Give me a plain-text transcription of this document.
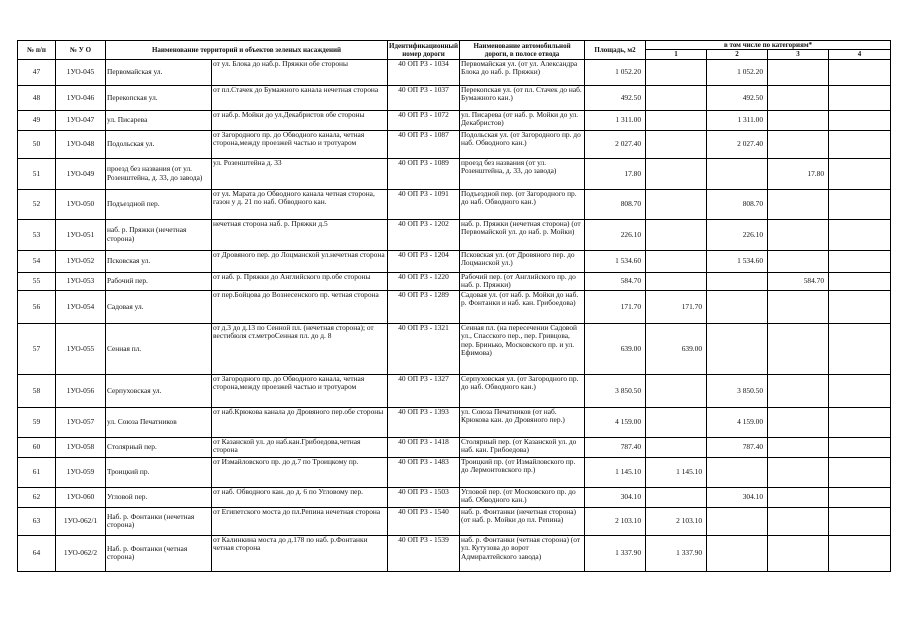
№ п/п	№ У О	Наименование территорий и объектов зеленых насаждений		Идентификационный номер дороги	Наименование автомобильной дороги, в полосе отвода	Площадь, м2	в том числе по категориям*			
							1	2	3	4
47	1УО-045	Первомайская ул.	от ул. Блока до наб.р. Пряжки обе стороны	40 ОП РЗ - 1034	Первомайская ул. (от ул. Александра Блока до наб. р. Пряжки)	1 052.20		1 052.20		
48	1УО-046	Перекопская ул.	от пл.Стачек до Бумажного канала нечетная сторона	40 ОП РЗ - 1037	Перекопская ул. (от пл. Стачек до наб. Бумажного кан.)	492.50		492.50		
49	1УО-047	ул. Писарева	от наб.р. Мойки до ул.Декабристов обе стороны	40 ОП РЗ - 1072	ул. Писарева (от наб. р. Мойки до ул. Декабристов)	1 311.00		1 311.00		
50	1УО-048	Подольская ул.	от Загородного пр. до Обводного канала, четная сторона,между проезжей частью и тротуаром	40 ОП РЗ - 1087	Подольская ул. (от Загородного пр. до наб. Обводного кан.)	2 027.40		2 027.40		
51	1УО-049	проезд без названия (от ул. Розенштейна, д. 33, до завода)	ул. Розенштейна д. 33	40 ОП РЗ - 1089	проезд без названия (от ул. Розенштейна, д. 33, до завода)	17.80			17.80	
52	1УО-050	Подъездной пер.	от ул. Марата до Обводного канала четная сторона, газон у д. 21 по наб. Обводного кан.	40 ОП РЗ - 1091	Подъездной пер. (от Загородного пр. до наб. Обводного кан.)	808.70		808.70		
53	1УО-051	наб. р. Пряжки (нечетная сторона)	нечетная сторона наб. р. Пряжки д.5	40 ОП РЗ - 1202	наб. р. Пряжки (нечетная сторона) (от Первомайской ул. до наб. р. Мойки)	226.10		226.10		
54	1УО-052	Псковская ул.	от Дровяного пер. до Лоцманской ул.нечетная сторона	40 ОП РЗ - 1204	Псковская ул. (от Дровяного пер. до Лоцманской ул.)	1 534.60		1 534.60		
55	1УО-053	Рабочий пер.	от наб. р. Пряжки до Английского пр.обе стороны	40 ОП РЗ - 1220	Рабочий пер. (от Английского пр. до наб. р. Пряжки)	584.70			584.70	
56	1УО-054	Садовая ул.	от пер.Бойцова до Вознесенского пр. четная сторона	40 ОП РЗ - 1289	Садовая ул. (от наб. р. Мойки до наб. р. Фонтанки и наб. кан. Грибоедова)	171.70	171.70			
57	1УО-055	Сенная пл.	от д.3 до д.13 по Сенной пл. (нечетная сторона); от вестибюля ст.метроСенная пл. до д. 8	40 ОП РЗ - 1321	Сенная пл. (на пересечении Садовой ул., Спасского пер., пер. Гривцова, пер. Бринько, Московского пр. и ул. Ефимова)	639.00	639.00			
58	1УО-056	Серпуховская ул.	от Загородного пр. до Обводного канала, четная сторона,между проезжей частью и тротуаром	40 ОП РЗ - 1327	Серпуховская ул. (от Загородного пр. до наб. Обводного кан.)	3 850.50		3 850.50		
59	1УО-057	ул. Союза Печатников	от наб.Крюкова канала до Дровяного пер.обе стороны	40 ОП РЗ - 1393	ул. Союза Печатников (от наб. Крюкова кан. до Дровяного пер.)	4 159.00		4 159.00		
60	1УО-058	Столярный пер.	от Казанской ул. до наб.кан.Грибоедова,четная сторона	40 ОП РЗ - 1418	Столярный пер. (от Казанской ул. до наб. кан. Грибоедова)	787.40		787.40		
61	1УО-059	Троицкий пр.	от Измайловского пр. до д.7 по Троицкому пр.	40 ОП РЗ - 1483	Троицкий пр. (от Измайловского пр. до Лермонтовского пр.)	1 145.10	1 145.10			
62	1УО-060	Угловой пер.	от наб. Обводного кан. до д. 6 по Угловому пер.	40 ОП РЗ - 1503	Угловой пер. (от Московского пр. до наб. Обводного кан.)	304.10		304.10		
63	1УО-062/1	Наб. р. Фонтанки (нечетная сторона)	от Египетского моста до пл.Репина нечетная сторона	40 ОП РЗ - 1540	наб. р. Фонтанки (нечетная сторона) (от наб. р. Мойки до пл. Репина)	2 103.10	2 103.10			
64	1УО-062/2	Наб. р. Фонтанки (четная сторона)	от Калинкина моста до д.178 по наб. р.Фонтанки четная сторона	40 ОП РЗ - 1539	наб. р. Фонтанки (четная сторона) (от ул. Кутузова до ворот Адмиралтейского завода)	1 337.90	1 337.90			
